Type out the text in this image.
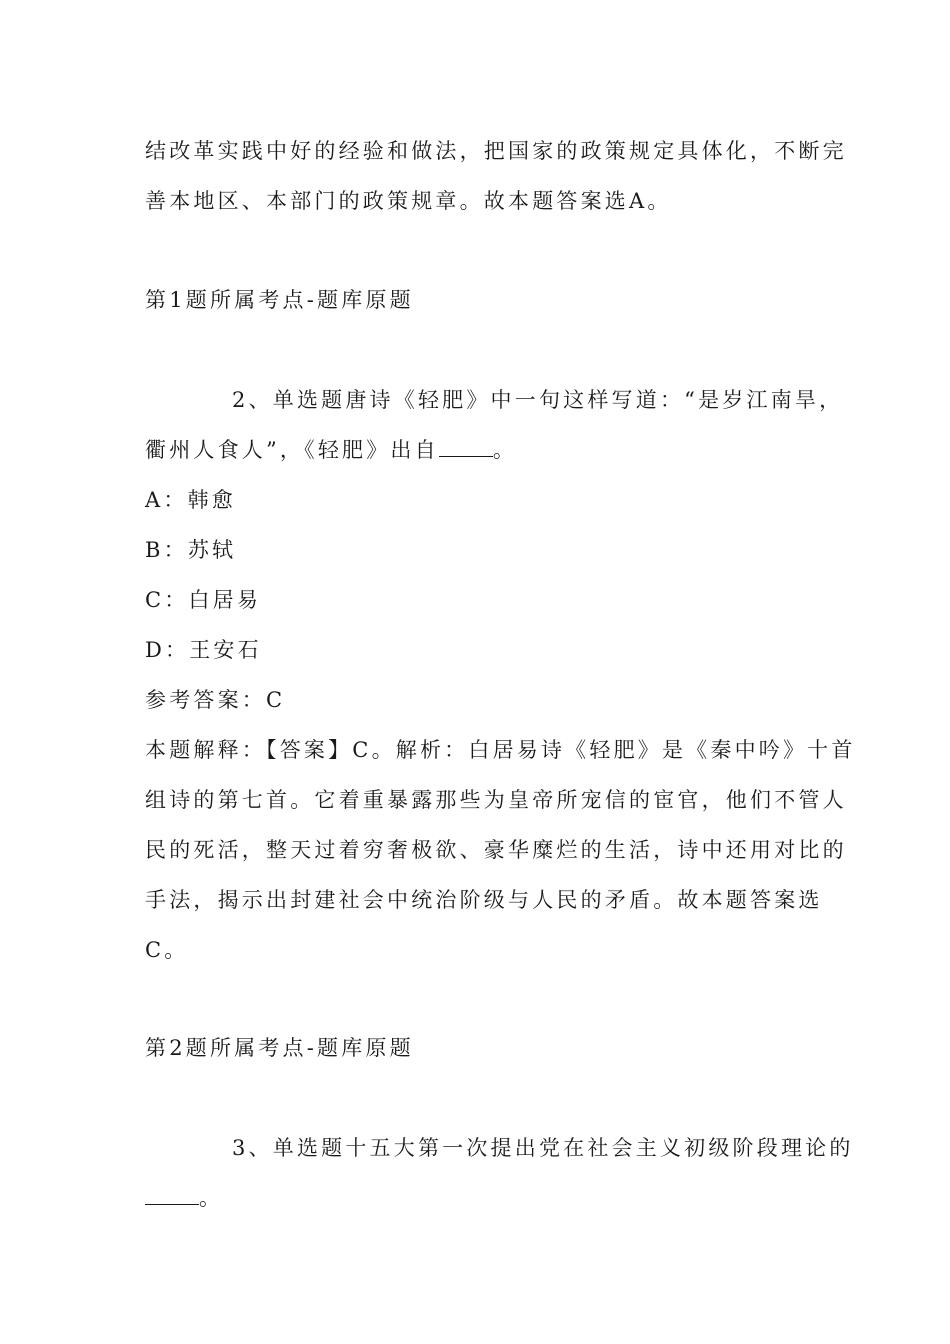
结改革实践中好的经验和做法，把国家的政策规定具体化，不断完
善本地区、本部门的政策规章。故本题答案选A。
第1题所属考点-题库原题
2、单选题唐诗《轻肥》中一句这样写道：“是岁江南旱，
衢州人食人”，《轻肥》出自	。
A：韩愈
B：苏轼
C：白居易
D：王安石
参考答案：C
本题解释：【答案】C。解析：白居易诗《轻肥》是《秦中吟》十首
组诗的第七首。它着重暴露那些为皇帝所宠信的宦官，他们不管人
民的死活，整天过着穷奢极欲、豪华糜烂的生活，诗中还用对比的
手法，揭示出封建社会中统治阶级与人民的矛盾。故本题答案选
C。
第2题所属考点-题库原题
3、单选题十五大第一次提出党在社会主义初级阶段理论的
。
